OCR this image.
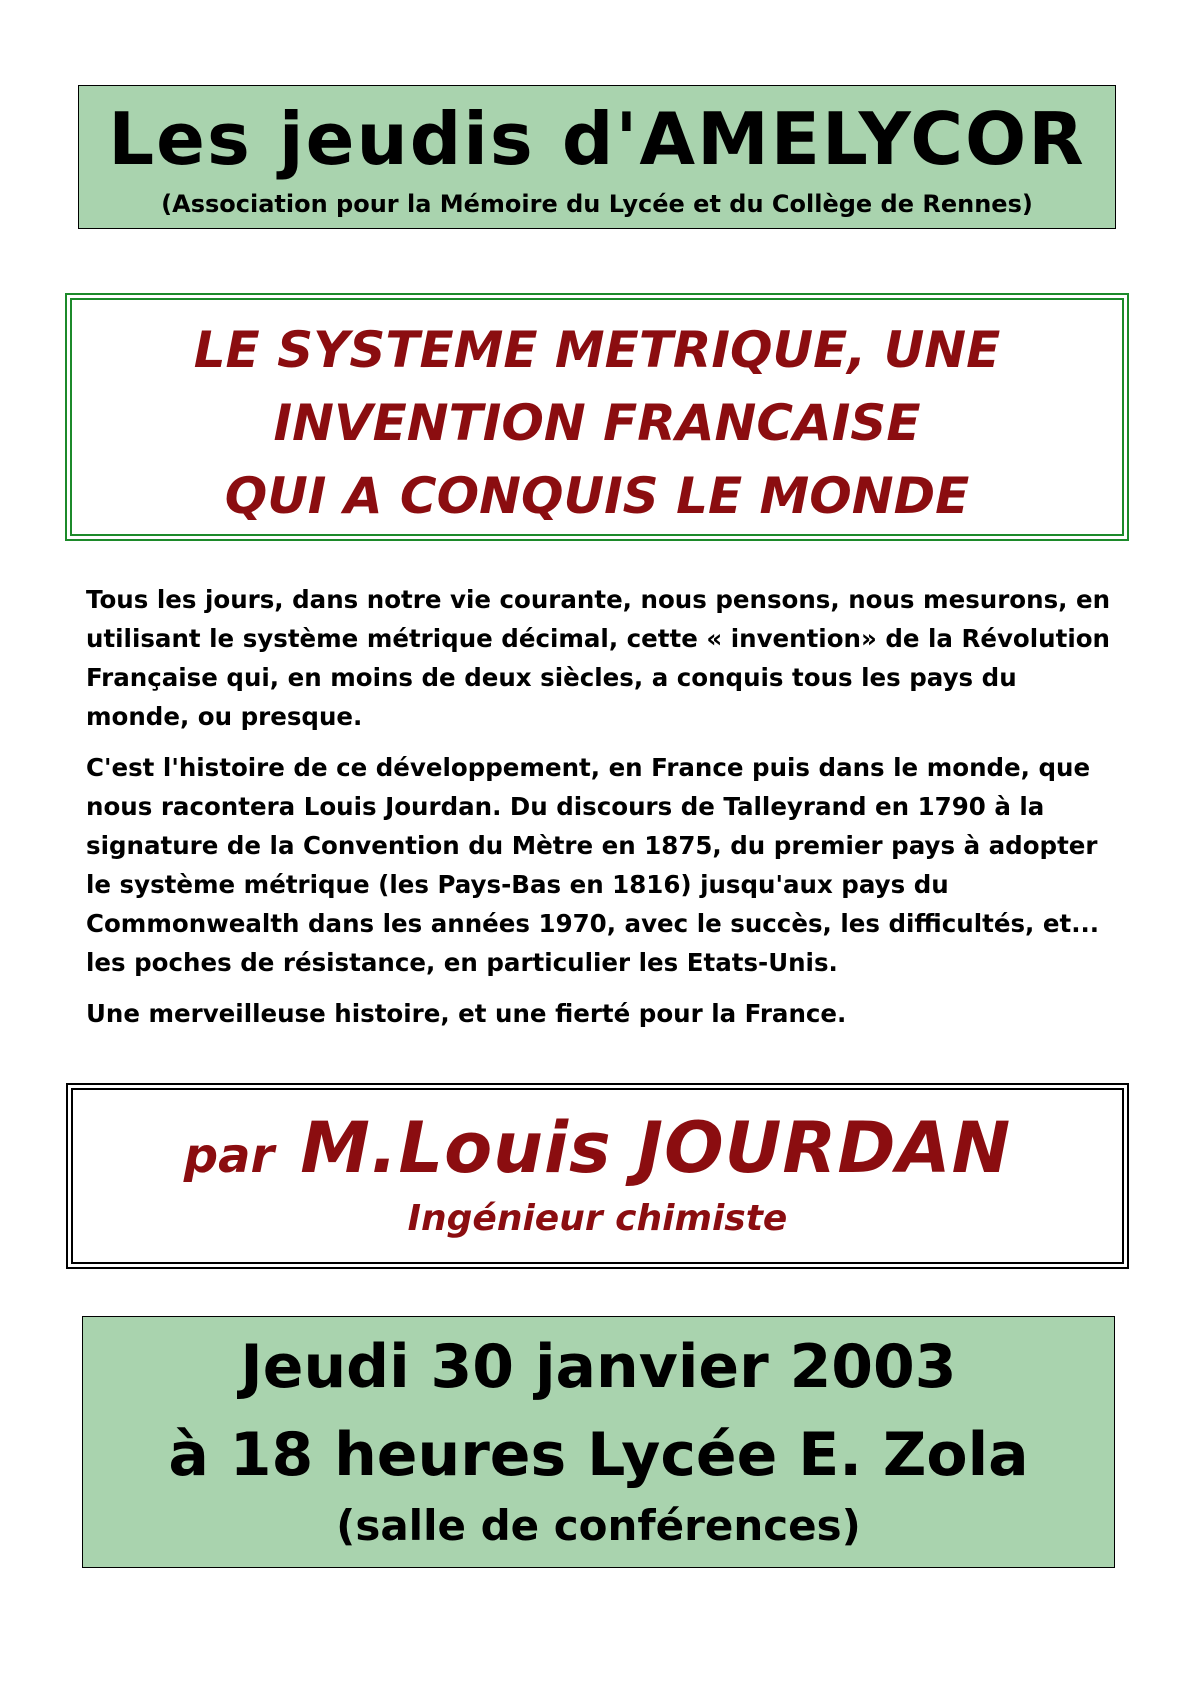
Les jeudis d'AMELYCOR
(Association pour la Mémoire du Lycée et du Collège de Rennes)
LE SYSTEME METRIQUE, UNE
INVENTION FRANCAISE
QUI A CONQUIS LE MONDE

Tous les jours, dans notre vie courante, nous pensons, nous mesurons, en utilisant le système métrique décimal, cette « invention» de la Révolution Française qui, en moins de deux siècles, a conquis tous les pays du monde, ou presque.

C'est l'histoire de ce développement, en France puis dans le monde, que nous racontera Louis Jourdan. Du discours de Talleyrand en 1790 à la signature de la Convention du Mètre en 1875, du premier pays à adopter le système métrique (les Pays-Bas en 1816) jusqu'aux pays du Commonwealth dans les années 1970, avec le succès, les difficultés, et... les poches de résistance, en particulier les Etats-Unis.

Une merveilleuse histoire, et une fierté pour la France.

par M.Louis JOURDAN
Ingénieur chimiste
Jeudi 30 janvier 2003
à 18 heures Lycée E. Zola
(salle de conférences)
